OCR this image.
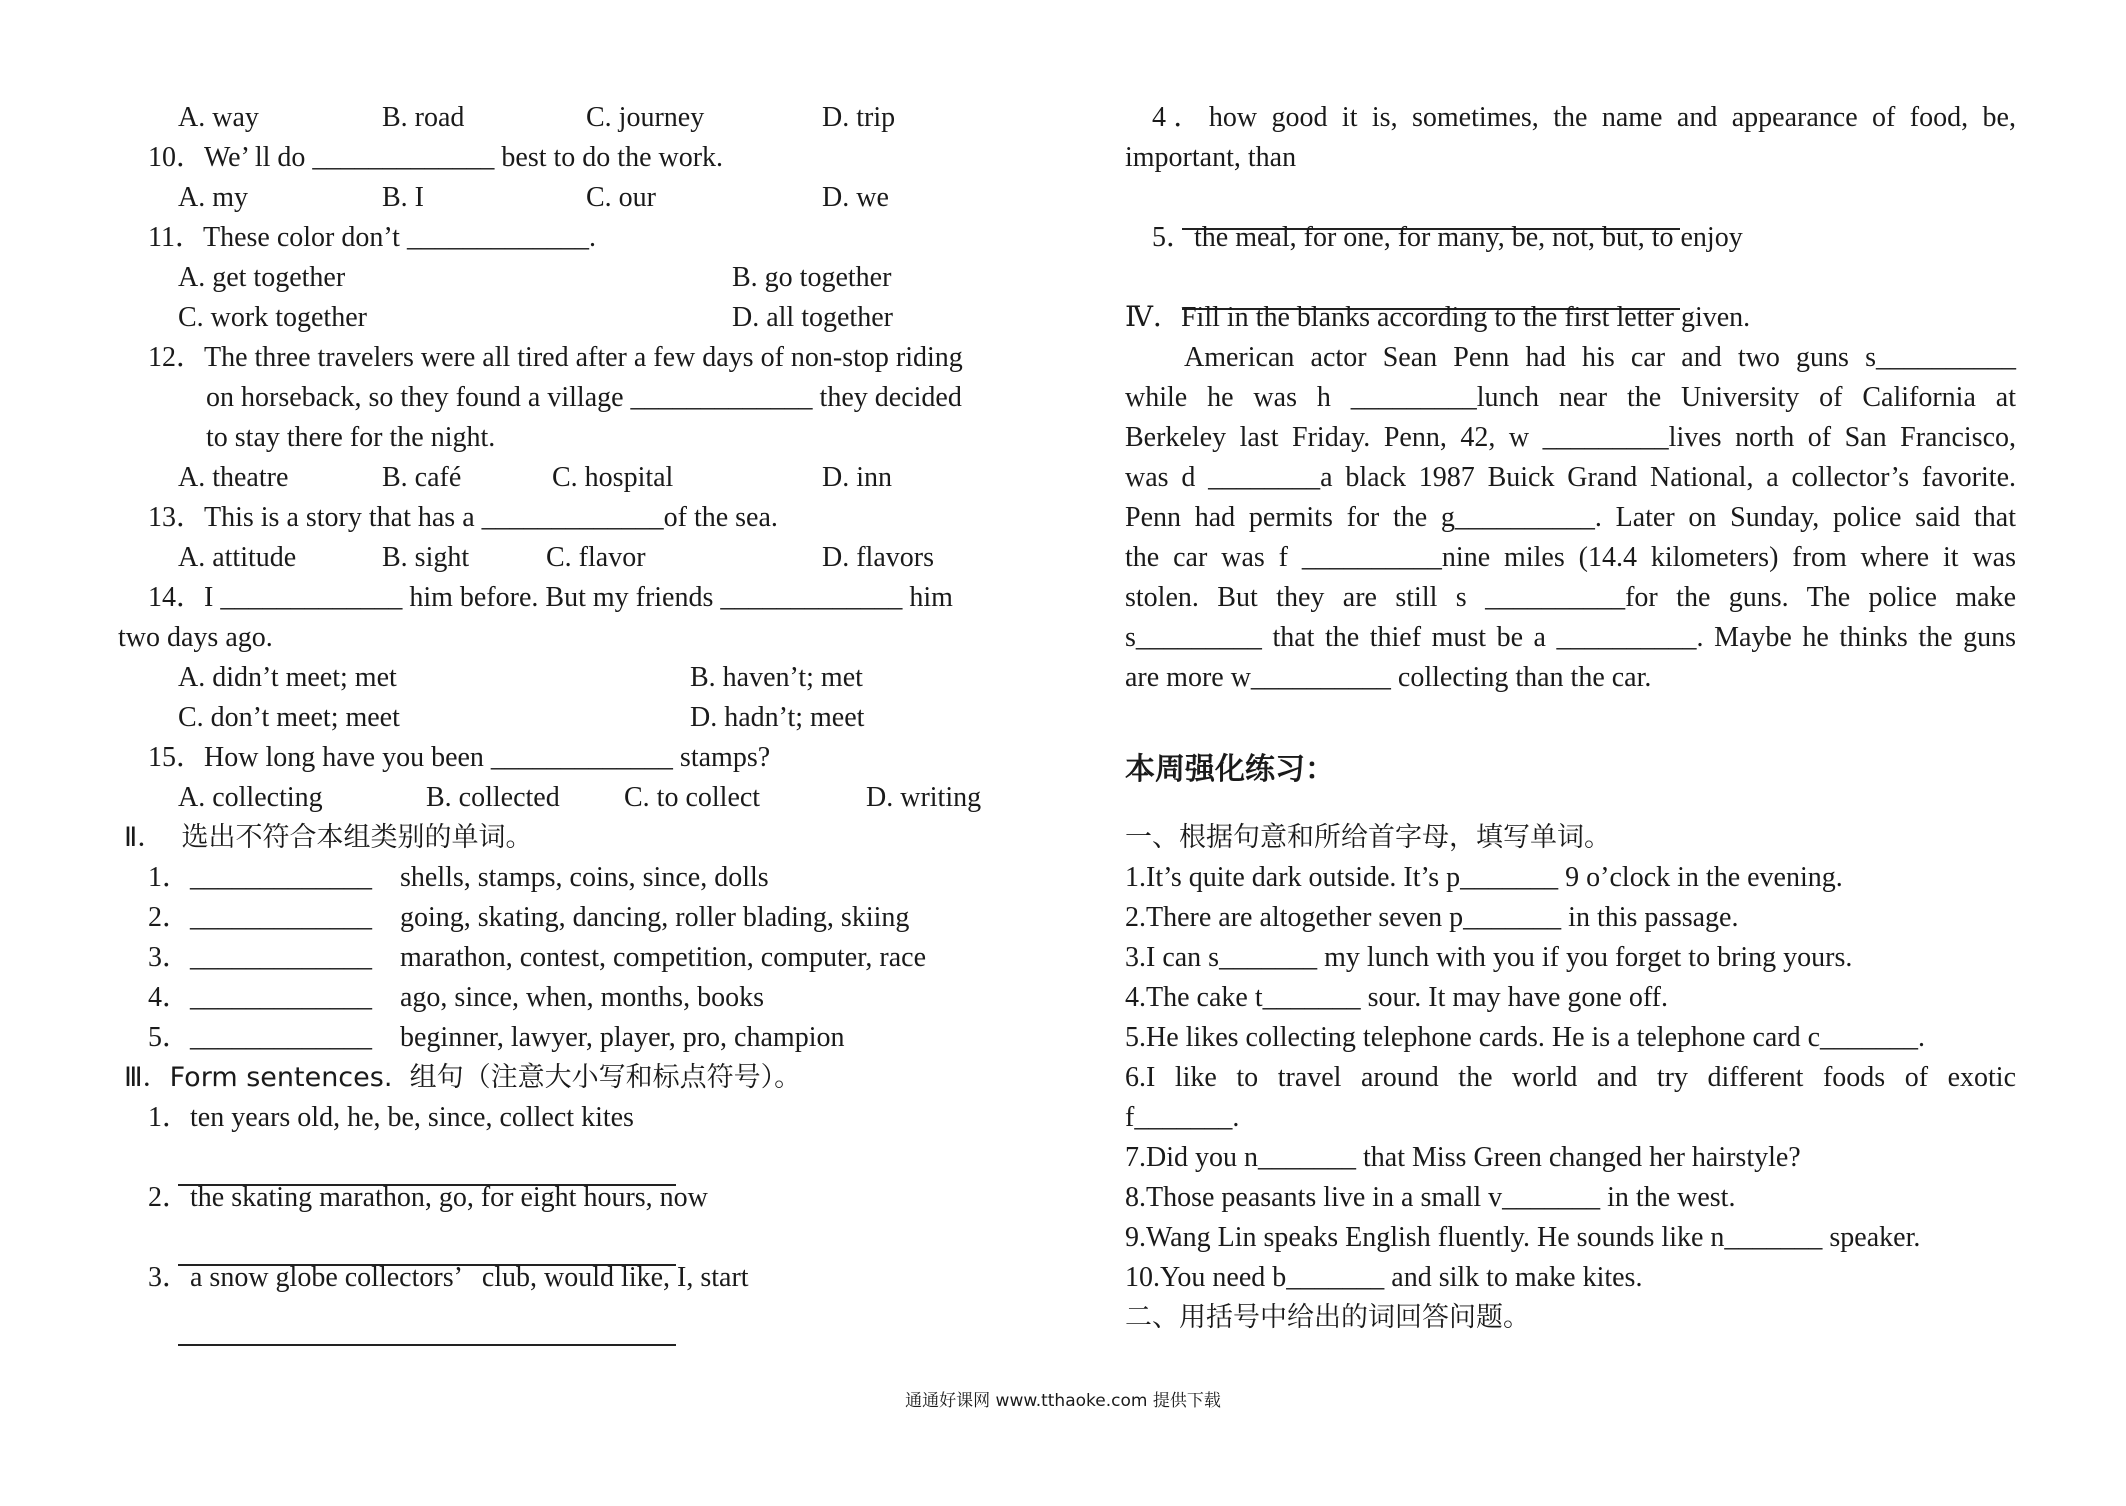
本周强化练习：
通通好课网 www.tthaoke.com 提供下载
A. way	B. road	C. journey	D. trip
10．We’ ll do _____________ best to do the work.
A. my	B. I	C. our	D. we
11．These color don’t _____________.
A. get together	B. go together
C. work together	D. all together
12．The three travelers were all tired after a few days of non-stop riding
on horseback, so they found a village _____________ they decided
to stay there for the night.
A. theatre	B. café	C. hospital	D. inn
13．This is a story that has a _____________of the sea.
A. attitude	B. sight	C. flavor	D. flavors
14．I _____________ him before. But my friends _____________ him
two days ago.
A. didn’t meet; met	B. haven’t; met
C. don’t meet; meet	D. hadn’t; meet
15．How long have you been _____________ stamps?
A. collecting	B. collected C. to collect	D. writing
Ⅱ．  选出不符合本组类别的单词。
1．_____________    shells, stamps, coins, since, dolls
2．_____________    going, skating, dancing, roller blading, skiing
3．_____________    marathon, contest, competition, computer, race
4．_____________    ago, since, when, months, books
5．_____________    beginner, lawyer, player, pro, champion
Ⅲ．Form sentences.  组句（注意大小写和标点符号）。
1．ten years old, he, be, since, collect kites
2．the skating marathon, go, for eight hours, now
3．a snow globe collectors’   club, would like, I, start
4．how good it is, sometimes, the name and appearance of food, be,
important, than
5．the meal, for one, for many, be, not, but, to enjoy
Ⅳ．Fill in the blanks according to the first letter given.
American actor Sean Penn had his car and two guns s__________
while he was h _________lunch near the University of California at
Berkeley last Friday. Penn, 42, w _________lives north of San Francisco,
was d ________a black 1987 Buick Grand National, a collector’s favorite.
Penn had permits for the g__________. Later on Sunday, police said that
the car was f __________nine miles (14.4 kilometers) from where it was
stolen. But they are still s __________for the guns. The police make
s_________ that the thief must be a __________. Maybe he thinks the guns
are more w__________ collecting than the car.
一、根据句意和所给首字母，填写单词。
1.It’s quite dark outside. It’s p_______ 9 o’clock in the evening.
2.There are altogether seven p_______ in this passage.
3.I can s_______ my lunch with you if you forget to bring yours.
4.The cake t_______ sour. It may have gone off.
5.He likes collecting telephone cards. He is a telephone card c_______.
6.I like to travel around the world and try different foods of exotic
f_______.
7.Did you n_______ that Miss Green changed her hairstyle?
8.Those peasants live in a small v_______ in the west.
9.Wang Lin speaks English fluently. He sounds like n_______ speaker.
10.You need b_______ and silk to make kites.
二、用括号中给出的词回答问题。
